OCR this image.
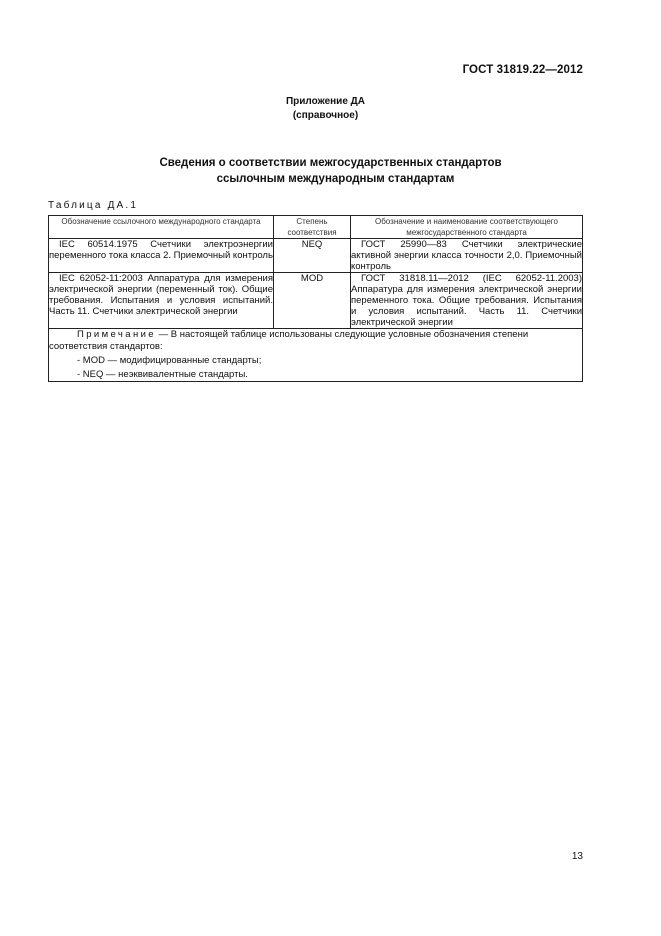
ГОСТ 31819.22—2012
Приложение ДА
(справочное)
Сведения о соответствии межгосударственных стандартов
ссылочным международным стандартам
Таблица ДА.1
Обозначение ссылочного международного стандарта	Степень соответствия	Обозначение и наименование соответствующего межгосударственного стандарта

IEC 60514.1975 Счетчики электроэнергии переменного тока класса 2. Приемочный контроль	NEQ	ГОСТ 25990—83 Счетчики электрические активной энергии класса точности 2,0. Приемочный контроль

IEC 62052-11:2003 Аппаратура для измерения электрической энергии (переменный ток). Общие требования. Испытания и условия испытаний. Часть 11. Счетчики электрической энергии	MOD	ГОСТ 31818.11—2012 (IEC 62052-11.2003) Аппаратура для измерения электрической энергии переменного тока. Общие требования. Испытания и условия испытаний. Часть 11. Счетчики электрической энергии

Примечание — В настоящей таблице использованы следующие условные обозначения степени соответствия стандартов:
- MOD — модифицированные стандарты;
- NEQ — неэквивалентные стандарты.		
13
